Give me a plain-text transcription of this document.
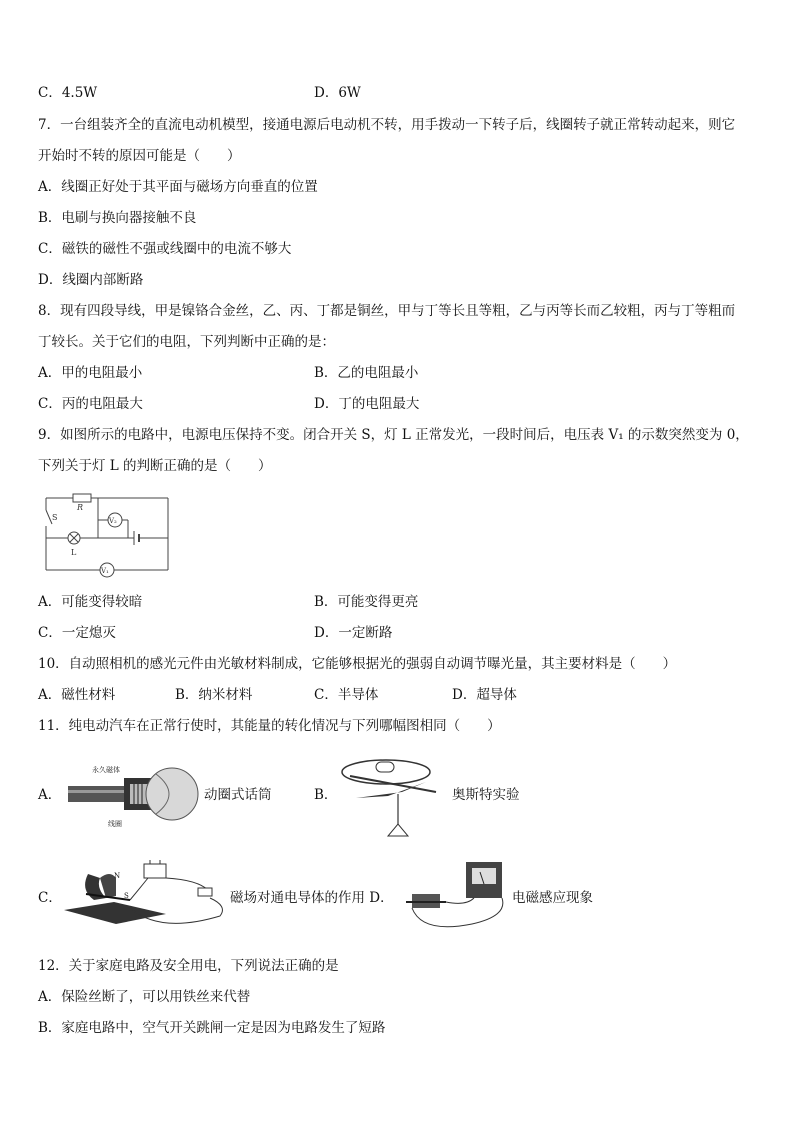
C．4.5W	D．6W
7．一台组装齐全的直流电动机模型，接通电源后电动机不转，用手拨动一下转子后，线圈转子就正常转动起来，则它
开始时不转的原因可能是（　　）
A．线圈正好处于其平面与磁场方向垂直的位置
B．电刷与换向器接触不良
C．磁铁的磁性不强或线圈中的电流不够大
D．线圈内部断路
8．现有四段导线，甲是镍铬合金丝，乙、丙、丁都是铜丝，甲与丁等长且等粗，乙与丙等长而乙较粗，丙与丁等粗而
丁较长。关于它们的电阻，下列判断中正确的是：
A．甲的电阻最小	B．乙的电阻最小
C．丙的电阻最大	D．丁的电阻最大
9．如图所示的电路中，电源电压保持不变。闭合开关 S，灯 L 正常发光，一段时间后，电压表 V₁ 的示数突然变为 0，
下列关于灯 L 的判断正确的是（　　）
S
R
L
V₂
V₁
A．可能变得较暗	B．可能变得更亮
C．一定熄灭	D．一定断路
10．自动照相机的感光元件由光敏材料制成，它能够根据光的强弱自动调节曝光量，其主要材料是（　　）
A．磁性材料	B．纳米材料	C．半导体	D．超导体
11．纯电动汽车在正常行使时，其能量的转化情况与下列哪幅图相同（　　）
A．
永久磁体
线圈
动圈式话筒	B．	奥斯特实验
C．
N
S	磁场对通电导体的作用 D．	电磁感应现象
12．关于家庭电路及安全用电，下列说法正确的是
A．保险丝断了，可以用铁丝来代替
B．家庭电路中，空气开关跳闸一定是因为电路发生了短路
